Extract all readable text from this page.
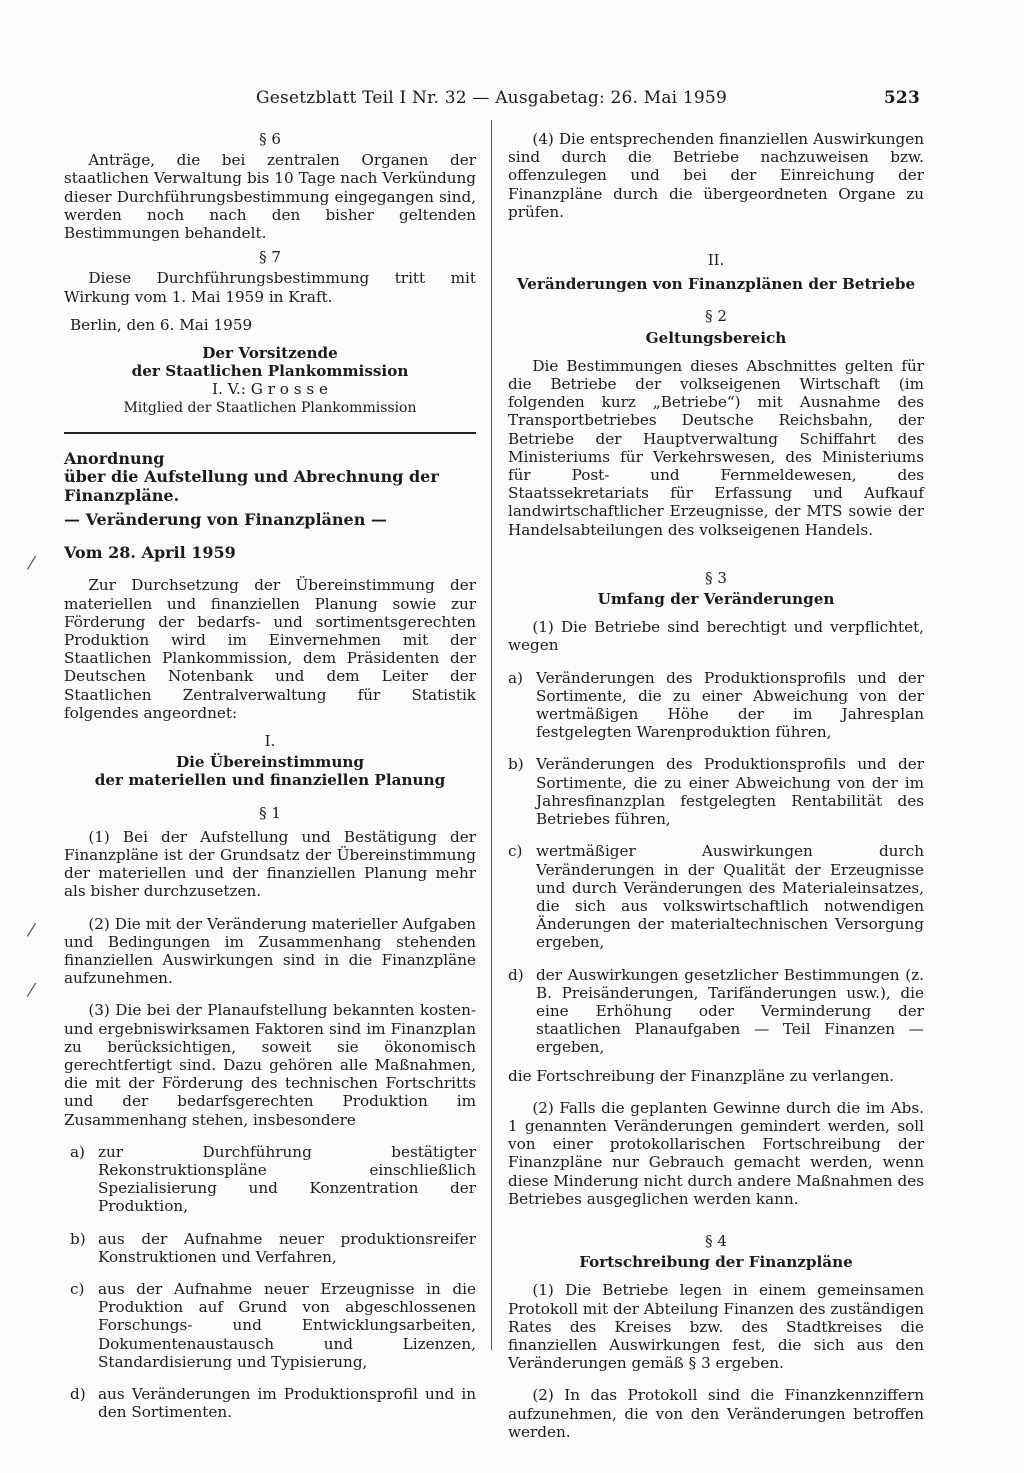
Gesetzblatt Teil I Nr. 32 — Ausgabetag: 26. Mai 1959	523
⁄
⁄
⁄
§ 6

Anträge, die bei zentralen Organen der staatlichen Verwaltung bis 10 Tage nach Verkündung dieser Durchführungsbestimmung eingegangen sind, werden noch nach den bisher geltenden Bestimmungen behandelt.

§ 7

Diese Durchführungsbestimmung tritt mit Wirkung vom 1. Mai 1959 in Kraft.

Berlin, den 6. Mai 1959

Der Vorsitzende

der Staatlichen Plankommission

I. V.: G r o s s e

Mitglied der Staatlichen Plankommission

Anordnung

über die Aufstellung und Abrechnung der

Finanzpläne.

— Veränderung von Finanzplänen —

Vom 28. April 1959

Zur Durchsetzung der Übereinstimmung der materiellen und finanziellen Planung sowie zur Förderung der bedarfs- und sortimentsgerechten Produktion wird im Einvernehmen mit der Staatlichen Plankommission, dem Präsidenten der Deutschen Notenbank und dem Leiter der Staatlichen Zentralverwaltung für Statistik folgendes angeordnet:

I.

Die Übereinstimmung

der materiellen und finanziellen Planung

§ 1

(1) Bei der Aufstellung und Bestätigung der Finanzpläne ist der Grundsatz der Übereinstimmung der materiellen und der finanziellen Planung mehr als bisher durchzusetzen.

(2) Die mit der Veränderung materieller Aufgaben und Bedingungen im Zusammenhang stehenden finanziellen Auswirkungen sind in die Finanzpläne aufzunehmen.

(3) Die bei der Planaufstellung bekannten kosten- und ergebniswirksamen Faktoren sind im Finanzplan zu berücksichtigen, soweit sie ökonomisch gerechtfertigt sind. Dazu gehören alle Maßnahmen, die mit der Förderung des technischen Fortschritts und der bedarfsgerechten Produktion im Zusammenhang stehen, insbesondere

a) zur Durchführung bestätigter Rekonstruktionspläne einschließlich Spezialisierung und Konzentration der Produktion,
b) aus der Aufnahme neuer produktionsreifer Konstruktionen und Verfahren,
c) aus der Aufnahme neuer Erzeugnisse in die Produktion auf Grund von abgeschlossenen Forschungs- und Entwicklungsarbeiten, Dokumentenaustausch und Lizenzen, Standardisierung und Typisierung,
d) aus Veränderungen im Produktionsprofil und in den Sortimenten.

(4) Die entsprechenden finanziellen Auswirkungen sind durch die Betriebe nachzuweisen bzw. offenzulegen und bei der Einreichung der Finanzpläne durch die übergeordneten Organe zu prüfen.

II.

Veränderungen von Finanzplänen der Betriebe

§ 2

Geltungsbereich

Die Bestimmungen dieses Abschnittes gelten für die Betriebe der volkseigenen Wirtschaft (im folgenden kurz „Betriebe“) mit Ausnahme des Transportbetriebes Deutsche Reichsbahn, der Betriebe der Hauptverwaltung Schiffahrt des Ministeriums für Verkehrswesen, des Ministeriums für Post- und Fernmeldewesen, des Staatssekretariats für Erfassung und Aufkauf landwirtschaftlicher Erzeugnisse, der MTS sowie der Handelsabteilungen des volkseigenen Handels.

§ 3

Umfang der Veränderungen

(1) Die Betriebe sind berechtigt und verpflichtet, wegen

a) Veränderungen des Produktionsprofils und der Sortimente, die zu einer Abweichung von der wertmäßigen Höhe der im Jahresplan festgelegten Warenproduktion führen,
b) Veränderungen des Produktionsprofils und der Sortimente, die zu einer Abweichung von der im Jahresfinanzplan festgelegten Rentabilität des Betriebes führen,
c) wertmäßiger Auswirkungen durch Veränderungen in der Qualität der Erzeugnisse und durch Veränderungen des Materialeinsatzes, die sich aus volkswirtschaftlich notwendigen Änderungen der materialtechnischen Versorgung ergeben,
d) der Auswirkungen gesetzlicher Bestimmungen (z. B. Preisänderungen, Tarifänderungen usw.), die eine Erhöhung oder Verminderung der staatlichen Planaufgaben — Teil Finanzen — ergeben,

die Fortschreibung der Finanzpläne zu verlangen.

(2) Falls die geplanten Gewinne durch die im Abs. 1 genannten Veränderungen gemindert werden, soll von einer protokollarischen Fortschreibung der Finanzpläne nur Gebrauch gemacht werden, wenn diese Minderung nicht durch andere Maßnahmen des Betriebes ausgeglichen werden kann.

§ 4

Fortschreibung der Finanzpläne

(1) Die Betriebe legen in einem gemeinsamen Protokoll mit der Abteilung Finanzen des zuständigen Rates des Kreises bzw. des Stadtkreises die finanziellen Auswirkungen fest, die sich aus den Veränderungen gemäß § 3 ergeben.

(2) In das Protokoll sind die Finanzkennziffern aufzunehmen, die von den Veränderungen betroffen werden.
